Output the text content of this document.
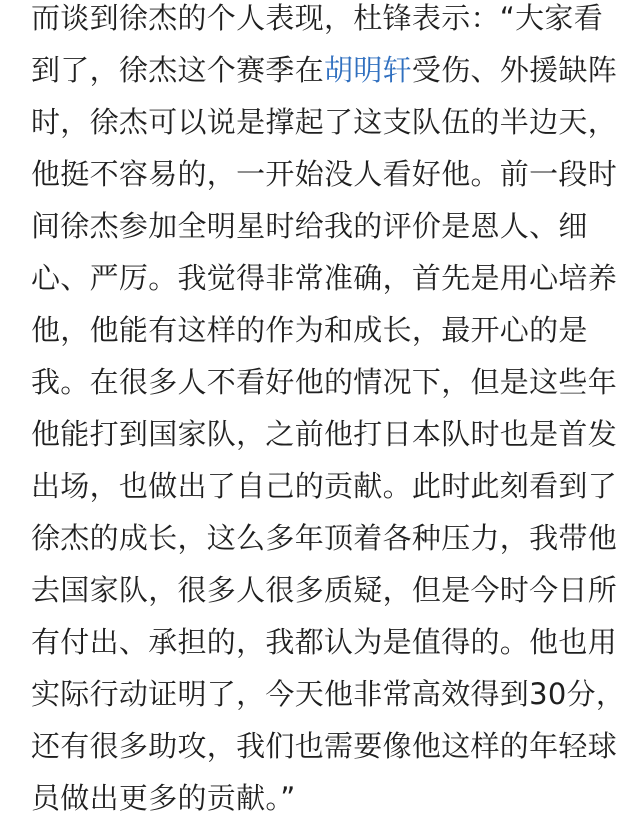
而谈到徐杰的个人表现，杜锋表示：“大家看
到了，徐杰这个赛季在胡明轩受伤、外援缺阵
时，徐杰可以说是撑起了这支队伍的半边天，
他挺不容易的，一开始没人看好他。前一段时
间徐杰参加全明星时给我的评价是恩人、细
心、严厉。我觉得非常准确，首先是用心培养
他，他能有这样的作为和成长，最开心的是
我。在很多人不看好他的情况下，但是这些年
他能打到国家队，之前他打日本队时也是首发
出场，也做出了自己的贡献。此时此刻看到了
徐杰的成长，这么多年顶着各种压力，我带他
去国家队，很多人很多质疑，但是今时今日所
有付出、承担的，我都认为是值得的。他也用
实际行动证明了，今天他非常高效得到30分，
还有很多助攻，我们也需要像他这样的年轻球
员做出更多的贡献。”
